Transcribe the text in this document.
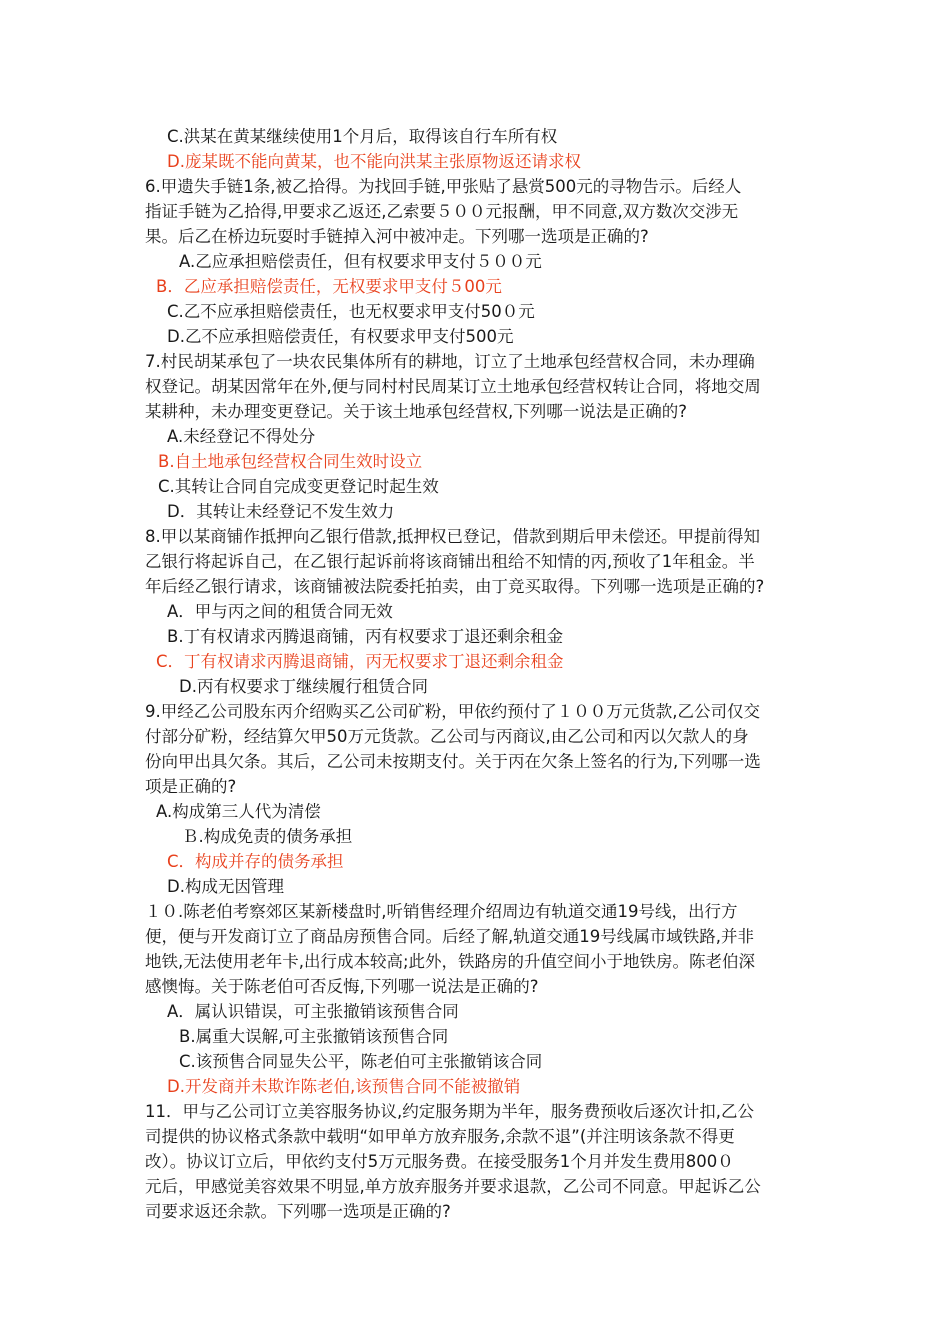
C.洪某在黄某继续使用1个月后，取得该自行车所有权
D.庞某既不能向黄某，也不能向洪某主张原物返还请求权
6.甲遗失手链1条,被乙拾得。为找回手链,甲张贴了悬赏500元的寻物告示。后经人
指证手链为乙拾得,甲要求乙返还,乙索要５００元报酬，甲不同意,双方数次交涉无
果。后乙在桥边玩耍时手链掉入河中被冲走。下列哪一选项是正确的?
A.乙应承担赔偿责任，但有权要求甲支付５００元
B．乙应承担赔偿责任，无权要求甲支付５00元
C.乙不应承担赔偿责任，也无权要求甲支付50０元
D.乙不应承担赔偿责任，有权要求甲支付500元
7.村民胡某承包了一块农民集体所有的耕地，订立了土地承包经营权合同，未办理确
权登记。胡某因常年在外,便与同村村民周某订立土地承包经营权转让合同，将地交周
某耕种，未办理变更登记。关于该土地承包经营权,下列哪一说法是正确的?
A.未经登记不得处分
B.自土地承包经营权合同生效时设立
C.其转让合同自完成变更登记时起生效
D．其转让未经登记不发生效力
8.甲以某商铺作抵押向乙银行借款,抵押权已登记，借款到期后甲未偿还。甲提前得知
乙银行将起诉自己，在乙银行起诉前将该商铺出租给不知情的丙,预收了1年租金。半
年后经乙银行请求，该商铺被法院委托拍卖，由丁竞买取得。下列哪一选项是正确的?
A．甲与丙之间的租赁合同无效
B.丁有权请求丙腾退商铺，丙有权要求丁退还剩余租金
C．丁有权请求丙腾退商铺，丙无权要求丁退还剩余租金
D.丙有权要求丁继续履行租赁合同
9.甲经乙公司股东丙介绍购买乙公司矿粉，甲依约预付了１００万元货款,乙公司仅交
付部分矿粉，经结算欠甲50万元货款。乙公司与丙商议,由乙公司和丙以欠款人的身
份向甲出具欠条。其后，乙公司未按期支付。关于丙在欠条上签名的行为,下列哪一选
项是正确的?
A.构成第三人代为清偿
Ｂ.构成免责的债务承担
C．构成并存的债务承担
D.构成无因管理
１０.陈老伯考察郊区某新楼盘时,听销售经理介绍周边有轨道交通19号线，出行方
便，便与开发商订立了商品房预售合同。后经了解,轨道交通19号线属市域铁路,并非
地铁,无法使用老年卡,出行成本较高;此外，铁路房的升值空间小于地铁房。陈老伯深
感懊悔。关于陈老伯可否反悔,下列哪一说法是正确的?
A．属认识错误，可主张撤销该预售合同
B.属重大误解,可主张撤销该预售合同
C.该预售合同显失公平，陈老伯可主张撤销该合同
D.开发商并未欺诈陈老伯,该预售合同不能被撤销
11．甲与乙公司订立美容服务协议,约定服务期为半年，服务费预收后逐次计扣,乙公
司提供的协议格式条款中载明“如甲单方放弃服务,余款不退”(并注明该条款不得更
改）。协议订立后，甲依约支付5万元服务费。在接受服务1个月并发生费用800０
元后，甲感觉美容效果不明显,单方放弃服务并要求退款，乙公司不同意。甲起诉乙公
司要求返还余款。下列哪一选项是正确的?
